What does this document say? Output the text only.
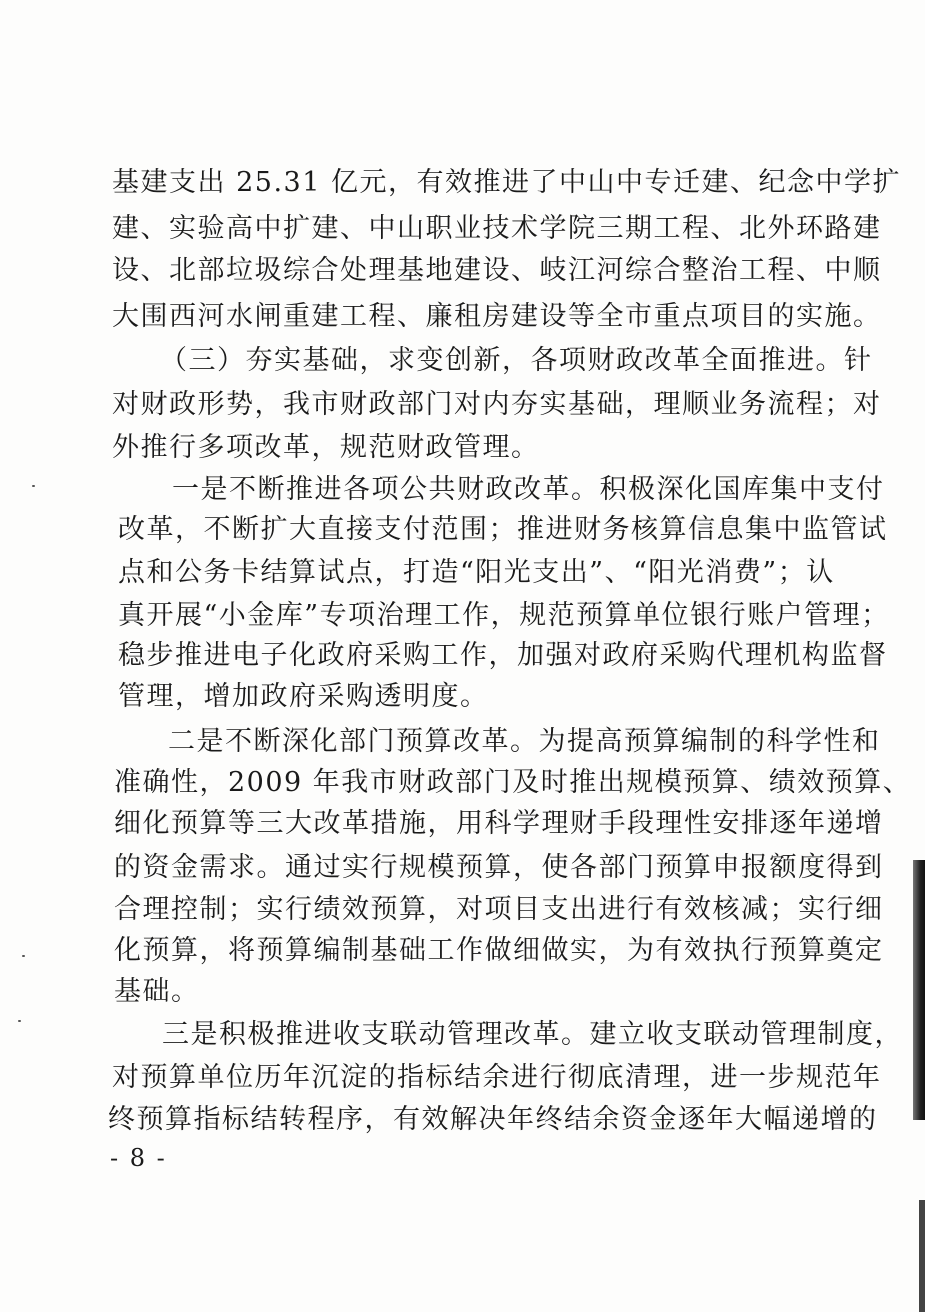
基建支出 25.31 亿元，有效推进了中山中专迁建、纪念中学扩
建、实验高中扩建、中山职业技术学院三期工程、北外环路建
设、北部垃圾综合处理基地建设、岐江河综合整治工程、中顺
大围西河水闸重建工程、廉租房建设等全市重点项目的实施。
（三）夯实基础，求变创新，各项财政改革全面推进。针
对财政形势，我市财政部门对内夯实基础，理顺业务流程；对
外推行多项改革，规范财政管理。
一是不断推进各项公共财政改革。积极深化国库集中支付
改革，不断扩大直接支付范围；推进财务核算信息集中监管试
点和公务卡结算试点，打造“阳光支出”、“阳光消费”；认
真开展“小金库”专项治理工作，规范预算单位银行账户管理；
稳步推进电子化政府采购工作，加强对政府采购代理机构监督
管理，增加政府采购透明度。
二是不断深化部门预算改革。为提高预算编制的科学性和
准确性，2009 年我市财政部门及时推出规模预算、绩效预算、
细化预算等三大改革措施，用科学理财手段理性安排逐年递增
的资金需求。通过实行规模预算，使各部门预算申报额度得到
合理控制；实行绩效预算，对项目支出进行有效核减；实行细
化预算，将预算编制基础工作做细做实，为有效执行预算奠定
基础。
三是积极推进收支联动管理改革。建立收支联动管理制度，
对预算单位历年沉淀的指标结余进行彻底清理，进一步规范年
终预算指标结转程序，有效解决年终结余资金逐年大幅递增的
- 8 -
